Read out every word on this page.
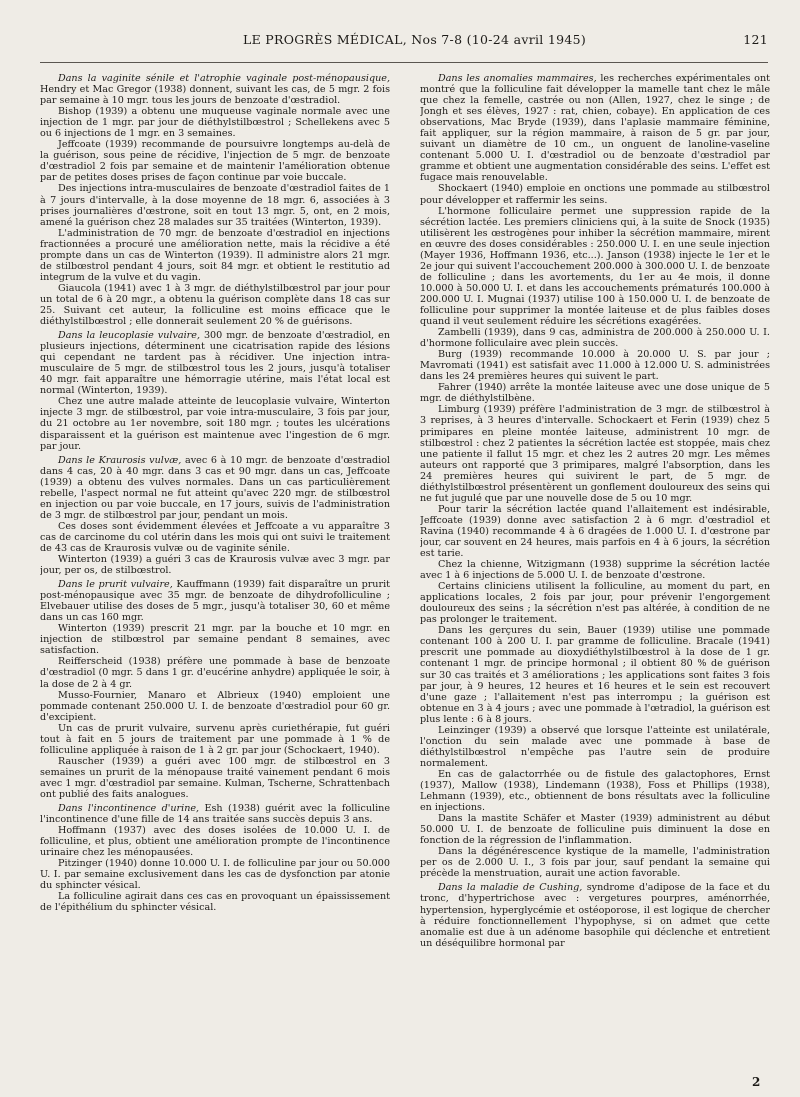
LE PROGRÈS MÉDICAL, Nos 7-8 (10-24 avril 1945)	121

Dans la vaginite sénile et l'atrophie vaginale post-ménopausique, Hendry et Mac Gregor (1938) donnent, suivant les cas, de 5 mgr. 2 fois par semaine à 10 mgr. tous les jours de benzoate d'œstradiol.

Bishop (1939) a obtenu une muqueuse vaginale normale avec une injection de 1 mgr. par jour de diéthylstilbœstrol ; Schellekens avec 5 ou 6 injections de 1 mgr. en 3 semaines.

Jeffcoate (1939) recommande de poursuivre longtemps au-delà de la guérison, sous peine de récidive, l'injection de 5 mgr. de benzoate d'œstradiol 2 fois par semaine et de maintenir l'amélioration obtenue par de petites doses prises de façon continue par voie buccale.

Des injections intra-musculaires de benzoate d'œstradiol faites de 1 à 7 jours d'intervalle, à la dose moyenne de 18 mgr. 6, associées à 3 prises journalières d'œstrone, soit en tout 13 mgr. 5, ont, en 2 mois, amené la guérison chez 28 malades sur 35 traitées (Winterton, 1939).

L'administration de 70 mgr. de benzoate d'œstradiol en injections fractionnées a procuré une amélioration nette, mais la récidive a été prompte dans un cas de Winterton (1939). Il administre alors 21 mgr. de stilbœstrol pendant 4 jours, soit 84 mgr. et obtient le restitutio ad integrum de la vulve et du vagin.

Giaucola (1941) avec 1 à 3 mgr. de diéthylstilbœstrol par jour pour un total de 6 à 20 mgr., a obtenu la guérison complète dans 18 cas sur 25. Suivant cet auteur, la folliculine est moins efficace que le diéthylstilbœstrol ; elle donnerait seulement 20 % de guérisons.

Dans la leucoplasie vulvaire, 300 mgr. de benzoate d'œstradiol, en plusieurs injections, déterminent une cicatrisation rapide des lésions qui cependant ne tardent pas à récidiver. Une injection intra-musculaire de 5 mgr. de stilbœstrol tous les 2 jours, jusqu'à totaliser 40 mgr. fait apparaître une hémorragie utérine, mais l'état local est normal (Winterton, 1939).

Chez une autre malade atteinte de leucoplasie vulvaire, Winterton injecte 3 mgr. de stilbœstrol, par voie intra-musculaire, 3 fois par jour, du 21 octobre au 1er novembre, soit 180 mgr. ; toutes les ulcérations disparaissent et la guérison est maintenue avec l'ingestion de 6 mgr. par jour.

Dans le Kraurosis vulvæ, avec 6 à 10 mgr. de benzoate d'œstradiol dans 4 cas, 20 à 40 mgr. dans 3 cas et 90 mgr. dans un cas, Jeffcoate (1939) a obtenu des vulves normales. Dans un cas particulièrement rebelle, l'aspect normal ne fut atteint qu'avec 220 mgr. de stilbœstrol en injection ou par voie buccale, en 17 jours, suivis de l'administration de 3 mgr. de stilbœstrol par jour, pendant un mois.

Ces doses sont évidemment élevées et Jeffcoate a vu apparaître 3 cas de carcinome du col utérin dans les mois qui ont suivi le traitement de 43 cas de Kraurosis vulvæ ou de vaginite sénile.

Winterton (1939) a guéri 3 cas de Kraurosis vulvæ avec 3 mgr. par jour, per os, de stilbœstrol.

Dans le prurit vulvaire, Kauffmann (1939) fait disparaître un prurit post-ménopausique avec 35 mgr. de benzoate de dihydrofolliculine ; Elvebauer utilise des doses de 5 mgr., jusqu'à totaliser 30, 60 et même dans un cas 160 mgr.

Winterton (1939) prescrit 21 mgr. par la bouche et 10 mgr. en injection de stilbœstrol par semaine pendant 8 semaines, avec satisfaction.

Reifferscheid (1938) préfère une pommade à base de benzoate d'œstradiol (0 mgr. 5 dans 1 gr. d'eucérine anhydre) appliquée le soir, à la dose de 2 à 4 gr.

Musso-Fournier, Manaro et Albrieux (1940) emploient une pommade contenant 250.000 U. I. de benzoate d'œstradiol pour 60 gr. d'excipient.

Un cas de prurit vulvaire, survenu après curiethérapie, fut guéri tout à fait en 5 jours de traitement par une pommade à 1 % de folliculine appliquée à raison de 1 à 2 gr. par jour (Schockaert, 1940).

Rauscher (1939) a guéri avec 100 mgr. de stilbœstrol en 3 semaines un prurit de la ménopause traité vainement pendant 6 mois avec 1 mgr. d'œstradiol par semaine. Kulman, Tscherne, Schrattenbach ont publié des faits analogues.

Dans l'incontinence d'urine, Esh (1938) guérit avec la folliculine l'incontinence d'une fille de 14 ans traitée sans succès depuis 3 ans.

Hoffmann (1937) avec des doses isolées de 10.000 U. I. de folliculine, et plus, obtient une amélioration prompte de l'incontinence urinaire chez les ménopausées.

Pitzinger (1940) donne 10.000 U. I. de folliculine par jour ou 50.000 U. I. par semaine exclusivement dans les cas de dysfonction par atonie du sphincter vésical.

La folliculine agirait dans ces cas en provoquant un épaississement de l'épithélium du sphincter vésical.

Dans les anomalies mammaires, les recherches expérimentales ont montré que la folliculine fait développer la mamelle tant chez le mâle que chez la femelle, castrée ou non (Allen, 1927, chez le singe ; de Jongh et ses élèves, 1927 : rat, chien, cobaye). En application de ces observations, Mac Bryde (1939), dans l'aplasie mammaire féminine, fait appliquer, sur la région mammaire, à raison de 5 gr. par jour, suivant un diamètre de 10 cm., un onguent de lanoline-vaseline contenant 5.000 U. I. d'œstradiol ou de benzoate d'œstradiol par gramme et obtient une augmentation considérable des seins. L'effet est fugace mais renouvelable.

Shockaert (1940) emploie en onctions une pommade au stilbœstrol pour développer et raffermir les seins.

L'hormone folliculaire permet une suppression rapide de la sécrétion lactée. Les premiers cliniciens qui, à la suite de Snock (1935) utilisèrent les œstrogènes pour inhiber la sécrétion mammaire, mirent en œuvre des doses considérables : 250.000 U. I. en une seule injection (Mayer 1936, Hoffmann 1936, etc...). Janson (1938) injecte le 1er et le 2e jour qui suivent l'accouchement 200.000 à 300.000 U. I. de benzoate de folliculine ; dans les avortements, du 1er au 4e mois, il donne 10.000 à 50.000 U. I. et dans les accouchements prématurés 100.000 à 200.000 U. I. Mugnai (1937) utilise 100 à 150.000 U. I. de benzoate de folliculine pour supprimer la montée laiteuse et de plus faibles doses quand il veut seulement réduire les sécrétions exagérées.

Zambelli (1939), dans 9 cas, administra de 200.000 à 250.000 U. I. d'hormone folliculaire avec plein succès.

Burg (1939) recommande 10.000 à 20.000 U. S. par jour ; Mavromati (1941) est satisfait avec 11.000 à 12.000 U. S. administrées dans les 24 premières heures qui suivent le part.

Fahrer (1940) arrête la montée laiteuse avec une dose unique de 5 mgr. de diéthylstilbène.

Limburg (1939) préfère l'administration de 3 mgr. de stilbœstrol à 3 reprises, à 3 heures d'intervalle. Schockaert et Ferin (1939) chez 5 primipares en pleine montée laiteuse, administrent 10 mgr. de stilbœstrol : chez 2 patientes la sécrétion lactée est stoppée, mais chez une patiente il fallut 15 mgr. et chez les 2 autres 20 mgr. Les mêmes auteurs ont rapporté que 3 primipares, malgré l'absorption, dans les 24 premières heures qui suivirent le part, de 5 mgr. de diéthylstilbœstrol présentèrent un gonflement douloureux des seins qui ne fut jugulé que par une nouvelle dose de 5 ou 10 mgr.

Pour tarir la sécrétion lactée quand l'allaitement est indésirable, Jeffcoate (1939) donne avec satisfaction 2 à 6 mgr. d'œstradiol et Ravina (1940) recommande 4 à 6 dragées de 1.000 U. I. d'œstrone par jour, car souvent en 24 heures, mais parfois en 4 à 6 jours, la sécrétion est tarie.

Chez la chienne, Witzigmann (1938) supprime la sécrétion lactée avec 1 à 6 injections de 5.000 U. I. de benzoate d'œstrone.

Certains cliniciens utilisent la folliculine, au moment du part, en applications locales, 2 fois par jour, pour prévenir l'engorgement douloureux des seins ; la sécrétion n'est pas altérée, à condition de ne pas prolonger le traitement.

Dans les gerçures du sein, Bauer (1939) utilise une pommade contenant 100 à 200 U. I. par gramme de folliculine. Bracale (1941) prescrit une pommade au dioxydiéthylstilbœstrol à la dose de 1 gr. contenant 1 mgr. de principe hormonal ; il obtient 80 % de guérison sur 30 cas traités et 3 améliorations ; les applications sont faites 3 fois par jour, à 9 heures, 12 heures et 16 heures et le sein est recouvert d'une gaze ; l'allaitement n'est pas interrompu ; la guérison est obtenue en 3 à 4 jours ; avec une pommade à l'œtradiol, la guérison est plus lente : 6 à 8 jours.

Leinzinger (1939) a observé que lorsque l'atteinte est unilatérale, l'onction du sein malade avec une pommade à base de diéthylstilbœstrol n'empêche pas l'autre sein de produire normalement.

En cas de galactorrhée ou de fistule des galactophores, Ernst (1937), Mallow (1938), Lindemann (1938), Foss et Phillips (1938), Lehmann (1939), etc., obtiennent de bons résultats avec la folliculine en injections.

Dans la mastite Schäfer et Master (1939) administrent au début 50.000 U. I. de benzoate de folliculine puis diminuent la dose en fonction de la régression de l'inflammation.

Dans la dégénérescence kystique de la mamelle, l'administration per os de 2.000 U. I., 3 fois par jour, sauf pendant la semaine qui précède la menstruation, aurait une action favorable.

Dans la maladie de Cushing, syndrome d'adipose de la face et du tronc, d'hypertrichose avec : vergetures pourpres, aménorrhée, hypertension, hyperglycémie et ostéoporose, il est logique de chercher à réduire fonctionnellement l'hypophyse, si on admet que cette anomalie est due à un adénome basophile qui déclenche et entretient un déséquilibre hormonal par

2
